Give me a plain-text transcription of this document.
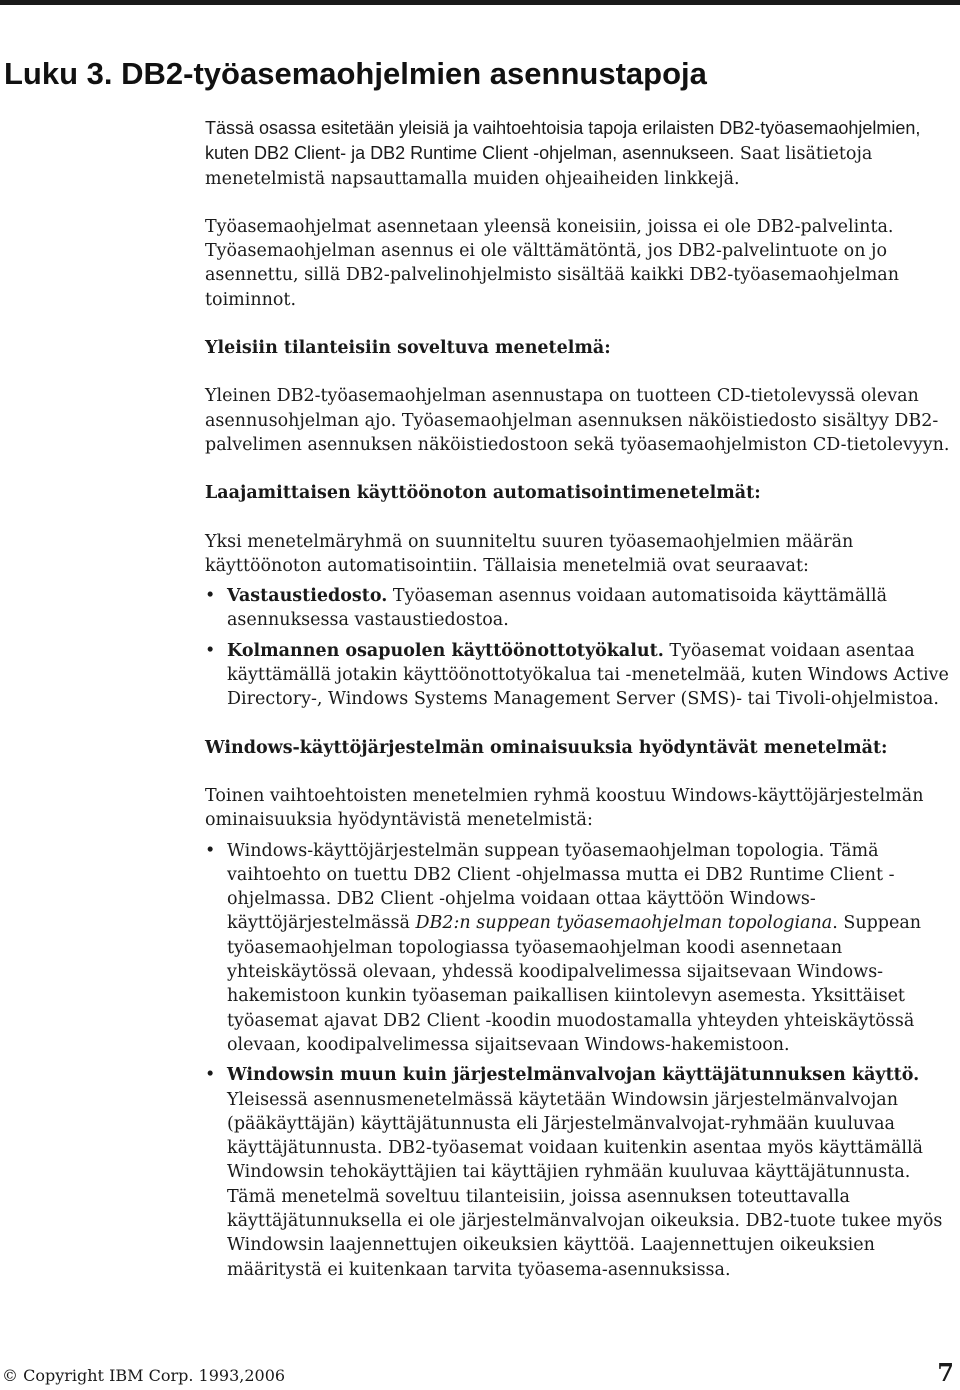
Luku 3. DB2-työasemaohjelmien asennustapoja

Tässä osassa esitetään yleisiä ja vaihtoehtoisia tapoja erilaisten DB2-työasemaohjelmien, kuten DB2 Client- ja DB2 Runtime Client -ohjelman, asennukseen. Saat lisätietoja menetelmistä napsauttamalla muiden ohjeaiheiden linkkejä.

Työasemaohjelmat asennetaan yleensä koneisiin, joissa ei ole DB2-palvelinta. Työasemaohjelman asennus ei ole välttämätöntä, jos DB2-palvelintuote on jo asennettu, sillä DB2-palvelinohjelmisto sisältää kaikki DB2-työasemaohjelman toiminnot.

Yleisiin tilanteisiin soveltuva menetelmä:

Yleinen DB2-työasemaohjelman asennustapa on tuotteen CD-tietolevyssä olevan asennusohjelman ajo. Työasemaohjelman asennuksen näköistiedosto sisältyy DB2-palvelimen asennuksen näköistiedostoon sekä työasemaohjelmiston CD-tietolevyyn.

Laajamittaisen käyttöönoton automatisointimenetelmät:

Yksi menetelmäryhmä on suunniteltu suuren työasemaohjelmien määrän käyttöönoton automatisointiin. Tällaisia menetelmiä ovat seuraavat:

• Vastaustiedosto. Työaseman asennus voidaan automatisoida käyttämällä asennuksessa vastaustiedostoa.
• Kolmannen osapuolen käyttöönottotyökalut. Työasemat voidaan asentaa käyttämällä jotakin käyttöönottotyökalua tai -menetelmää, kuten Windows Active Directory-, Windows Systems Management Server (SMS)- tai Tivoli-ohjelmistoa.

Windows-käyttöjärjestelmän ominaisuuksia hyödyntävät menetelmät:

Toinen vaihtoehtoisten menetelmien ryhmä koostuu Windows-käyttöjärjestelmän ominaisuuksia hyödyntävistä menetelmistä:

• Windows-käyttöjärjestelmän suppean työasemaohjelman topologia. Tämä vaihtoehto on tuettu DB2 Client -ohjelmassa mutta ei DB2 Runtime Client -ohjelmassa. DB2 Client -ohjelma voidaan ottaa käyttöön Windows-käyttöjärjestelmässä DB2:n suppean työasemaohjelman topologiana. Suppean työasemaohjelman topologiassa työasemaohjelman koodi asennetaan yhteiskäytössä olevaan, yhdessä koodipalvelimessa sijaitsevaan Windows-hakemistoon kunkin työaseman paikallisen kiintolevyn asemesta. Yksittäiset työasemat ajavat DB2 Client -koodin muodostamalla yhteyden yhteiskäytössä olevaan, koodipalvelimessa sijaitsevaan Windows-hakemistoon.
• Windowsin muun kuin järjestelmänvalvojan käyttäjätunnuksen käyttö. Yleisessä asennusmenetelmässä käytetään Windowsin järjestelmänvalvojan (pääkäyttäjän) käyttäjätunnusta eli Järjestelmänvalvojat-ryhmään kuuluvaa käyttäjätunnusta. DB2-työasemat voidaan kuitenkin asentaa myös käyttämällä Windowsin tehokäyttäjien tai käyttäjien ryhmään kuuluvaa käyttäjätunnusta. Tämä menetelmä soveltuu tilanteisiin, joissa asennuksen toteuttavalla käyttäjätunnuksella ei ole järjestelmänvalvojan oikeuksia. DB2-tuote tukee myös Windowsin laajennettujen oikeuksien käyttöä. Laajennettujen oikeuksien määritystä ei kuitenkaan tarvita työasema-asennuksissa.
© Copyright IBM Corp. 1993,2006	7
